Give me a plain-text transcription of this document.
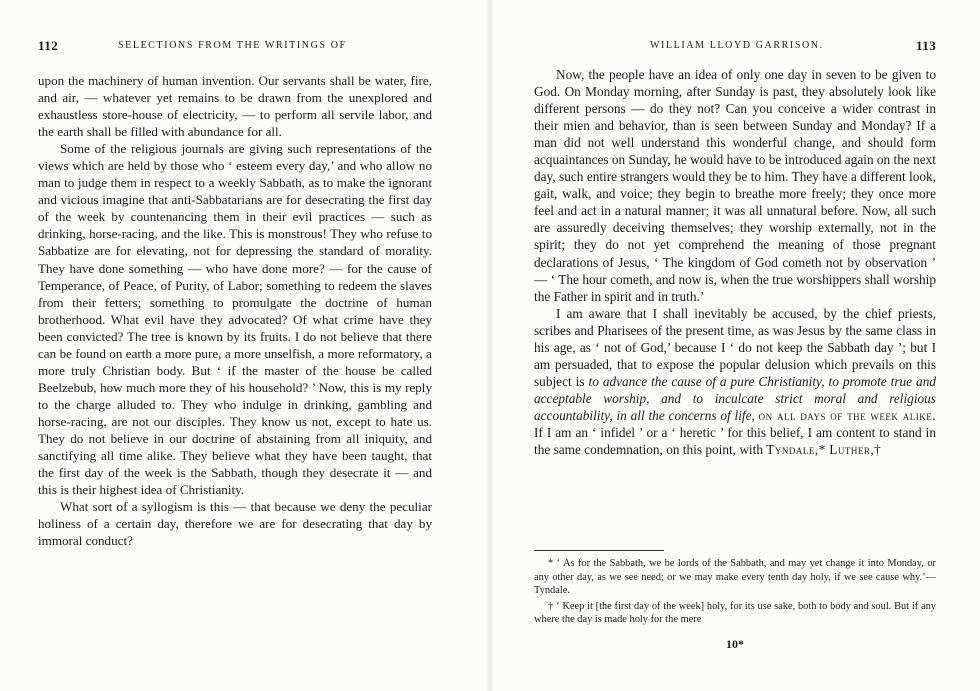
112	SELECTIONS FROM THE WRITINGS OF

upon the machinery of human invention. Our servants shall be water, fire, and air, — whatever yet remains to be drawn from the unexplored and exhaustless store-house of electricity, — to perform all servile labor, and the earth shall be filled with abundance for all.

Some of the religious journals are giving such representations of the views which are held by those who ‘ esteem every day,’ and who allow no man to judge them in respect to a weekly Sabbath, as to make the ignorant and vicious imagine that anti-Sabbatarians are for desecrating the first day of the week by countenancing them in their evil practices — such as drinking, horse-racing, and the like. This is monstrous! They who refuse to Sabbatize are for elevating, not for depressing the standard of morality. They have done something — who have done more? — for the cause of Temperance, of Peace, of Purity, of Labor; something to redeem the slaves from their fetters; something to promulgate the doctrine of human brotherhood. What evil have they advocated? Of what crime have they been convicted? The tree is known by its fruits. I do not believe that there can be found on earth a more pure, a more unselfish, a more reformatory, a more truly Christian body. But ‘ if the master of the house be called Beelzebub, how much more they of his household? ’ Now, this is my reply to the charge alluded to. They who indulge in drinking, gambling and horse-racing, are not our disciples. They know us not, except to hate us. They do not believe in our doctrine of abstaining from all iniquity, and sanctifying all time alike. They believe what they have been taught, that the first day of the week is the Sabbath, though they desecrate it — and this is their highest idea of Christianity.

What sort of a syllogism is this — that because we deny the peculiar holiness of a certain day, therefore we are for desecrating that day by immoral conduct?

WILLIAM LLOYD GARRISON.	113

Now, the people have an idea of only one day in seven to be given to God. On Monday morning, after Sunday is past, they absolutely look like different persons — do they not? Can you conceive a wider contrast in their mien and behavior, than is seen between Sunday and Monday? If a man did not well understand this wonderful change, and should form acquaintances on Sunday, he would have to be introduced again on the next day, such entire strangers would they be to him. They have a different look, gait, walk, and voice; they begin to breathe more freely; they once more feel and act in a natural manner; it was all unnatural before. Now, all such are assuredly deceiving themselves; they worship externally, not in the spirit; they do not yet comprehend the meaning of those pregnant declarations of Jesus, ‘ The kingdom of God cometh not by observation ’ — ‘ The hour cometh, and now is, when the true worshippers shall worship the Father in spirit and in truth.’

I am aware that I shall inevitably be accused, by the chief priests, scribes and Pharisees of the present time, as was Jesus by the same class in his age, as ‘ not of God,’ because I ‘ do not keep the Sabbath day ’; but I am persuaded, that to expose the popular delusion which prevails on this subject is to advance the cause of a pure Christianity, to promote true and acceptable worship, and to inculcate strict moral and religious accountability, in all the concerns of life, on all days of the week alike. If I am an ‘ infidel ’ or a ‘ heretic ’ for this belief, I am content to stand in the same condemnation, on this point, with Tyndale,* Luther,†

* ‘ As for the Sabbath, we be lords of the Sabbath, and may yet change it into Monday, or any other day, as we see need; or we may make every tenth day holy, if we see cause why.’—Tyndale.

† ‘ Keep it [the first day of the week] holy, for its use sake, both to body and soul. But if any where the day is made holy for the mere

10*
